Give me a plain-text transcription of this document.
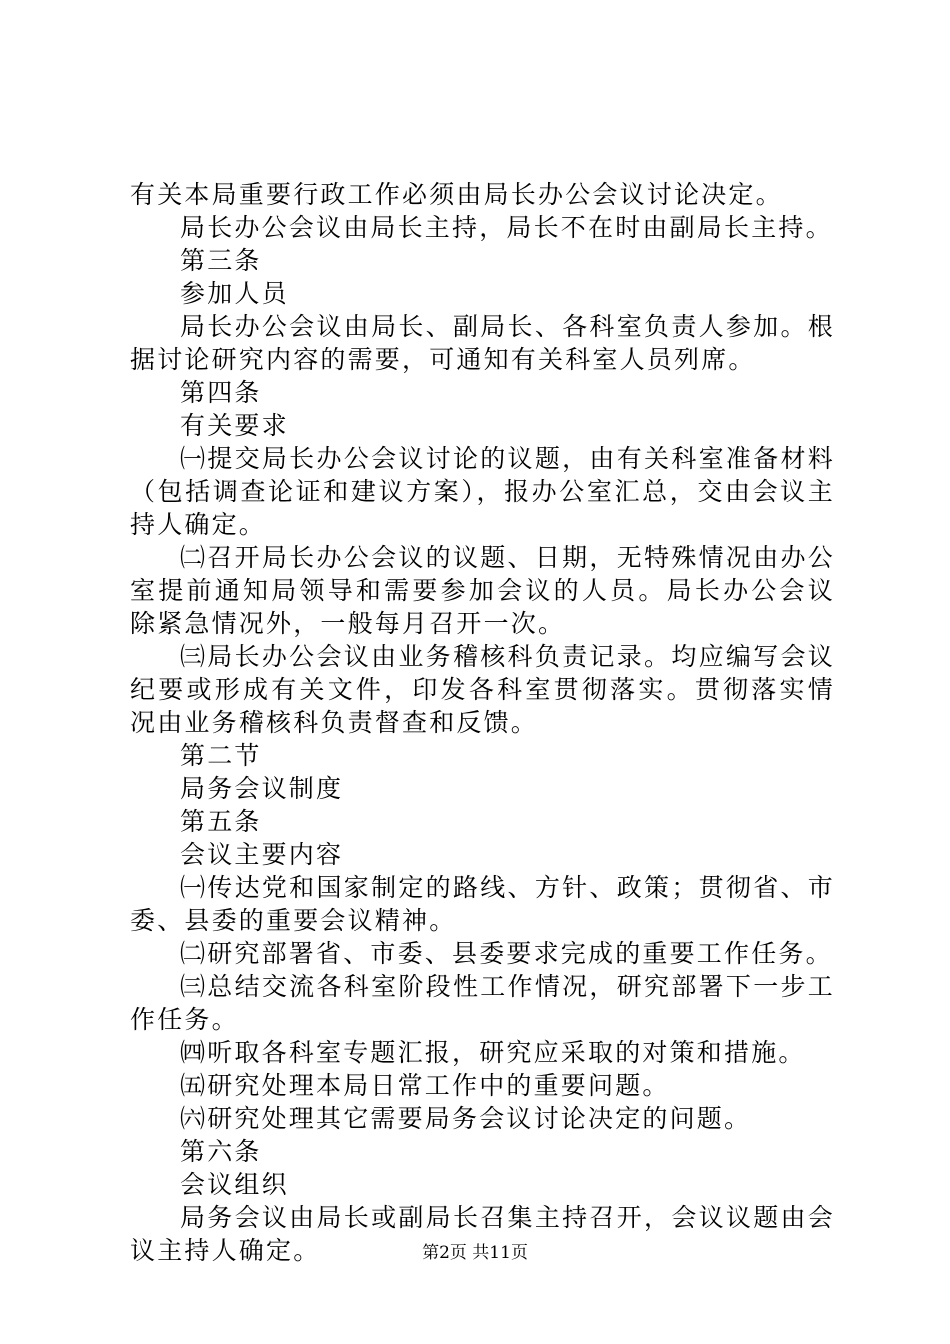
有关本局重要行政工作必须由局长办公会议讨论决定。

局长办公会议由局长主持，局长不在时由副局长主持。

第三条

参加人员

局长办公会议由局长、副局长、各科室负责人参加。根据讨论研究内容的需要，可通知有关科室人员列席。

第四条

有关要求

㈠提交局长办公会议讨论的议题，由有关科室准备材料（包括调查论证和建议方案），报办公室汇总，交由会议主持人确定。

㈡召开局长办公会议的议题、日期，无特殊情况由办公室提前通知局领导和需要参加会议的人员。局长办公会议除紧急情况外，一般每月召开一次。

㈢局长办公会议由业务稽核科负责记录。均应编写会议纪要或形成有关文件，印发各科室贯彻落实。贯彻落实情况由业务稽核科负责督查和反馈。

第二节

局务会议制度

第五条

会议主要内容

㈠传达党和国家制定的路线、方针、政策；贯彻省、市委、县委的重要会议精神。

㈡研究部署省、市委、县委要求完成的重要工作任务。

㈢总结交流各科室阶段性工作情况，研究部署下一步工作任务。

㈣听取各科室专题汇报，研究应采取的对策和措施。

㈤研究处理本局日常工作中的重要问题。

㈥研究处理其它需要局务会议讨论决定的问题。

第六条

会议组织

局务会议由局长或副局长召集主持召开，会议议题由会议主持人确定。	第2页 共11页
